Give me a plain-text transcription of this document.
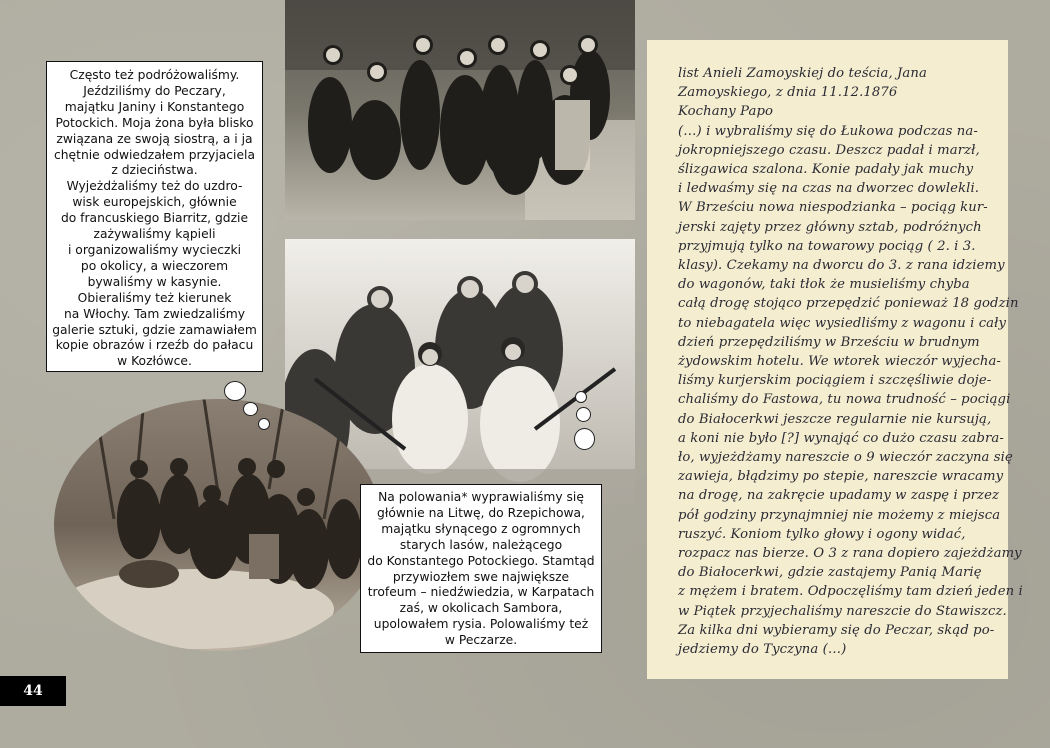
Często też podróżowaliśmy.

Jeździliśmy do Peczary,

majątku Janiny i Konstantego

Potockich. Moja żona była blisko

związana ze swoją siostrą, a i ja

chętnie odwiedzałem przyjaciela

z dzieciństwa.

Wyjeżdżaliśmy też do uzdro-

wisk europejskich, głównie

do francuskiego Biarritz, gdzie

zażywaliśmy kąpieli

i organizowaliśmy wycieczki

po okolicy, a wieczorem

bywaliśmy w kasynie.

Obieraliśmy też kierunek

na Włochy. Tam zwiedzaliśmy

galerie sztuki, gdzie zamawiałem

kopie obrazów i rzeźb do pałacu

w Kozłówce.

Na polowania* wyprawialiśmy się

głównie na Litwę, do Rzepichowa,

majątku słynącego z ogromnych

starych lasów, należącego

do Konstantego Potockiego. Stamtąd

przywiozłem swe największe

trofeum – niedźwiedzia, w Karpatach

zaś, w okolicach Sambora,

upolowałem rysia. Polowaliśmy też

w Peczarze.

list Anieli Zamoyskiej do teścia, Jana

Zamoyskiego, z dnia 11.12.1876

Kochany Papo

(…) i wybraliśmy się do Łukowa podczas na-

jokropniejszego czasu. Deszcz padał i marzł,

ślizgawica szalona. Konie padały jak muchy

i ledwaśmy się na czas na dworzec dowlekli.

W Brześciu nowa niespodzianka – pociąg kur-

jerski zajęty przez główny sztab, podróżnych

przyjmują tylko na towarowy pociąg ( 2. i 3.

klasy). Czekamy na dworcu do 3. z rana idziemy

do wagonów, taki tłok że musieliśmy chyba

całą drogę stojąco przepędzić ponieważ 18 godzin

to niebagatela więc wysiedliśmy z wagonu i cały

dzień przepędziliśmy w Brześciu w brudnym

żydowskim hotelu. We wtorek wieczór wyjecha-

liśmy kurjerskim pociągiem i szczęśliwie doje-

chaliśmy do Fastowa, tu nowa trudność – pociągi

do Białocerkwi jeszcze regularnie nie kursują,

a koni nie było [?] wynająć co dużo czasu zabra-

ło, wyjeżdżamy nareszcie o 9 wieczór zaczyna się

zawieja, błądzimy po stepie, nareszcie wracamy

na drogę, na zakręcie upadamy w zaspę i przez

pół godziny przynajmniej nie możemy z miejsca

ruszyć. Koniom tylko głowy i ogony widać,

rozpacz nas bierze. O 3 z rana dopiero zajeżdżamy

do Białocerkwi, gdzie zastajemy Panią Marię

z mężem i bratem. Odpoczęliśmy tam dzień jeden i

w Piątek przyjechaliśmy nareszcie do Stawiszcz.

Za kilka dni wybieramy się do Peczar, skąd po-

jedziemy do Tyczyna (…)

44
